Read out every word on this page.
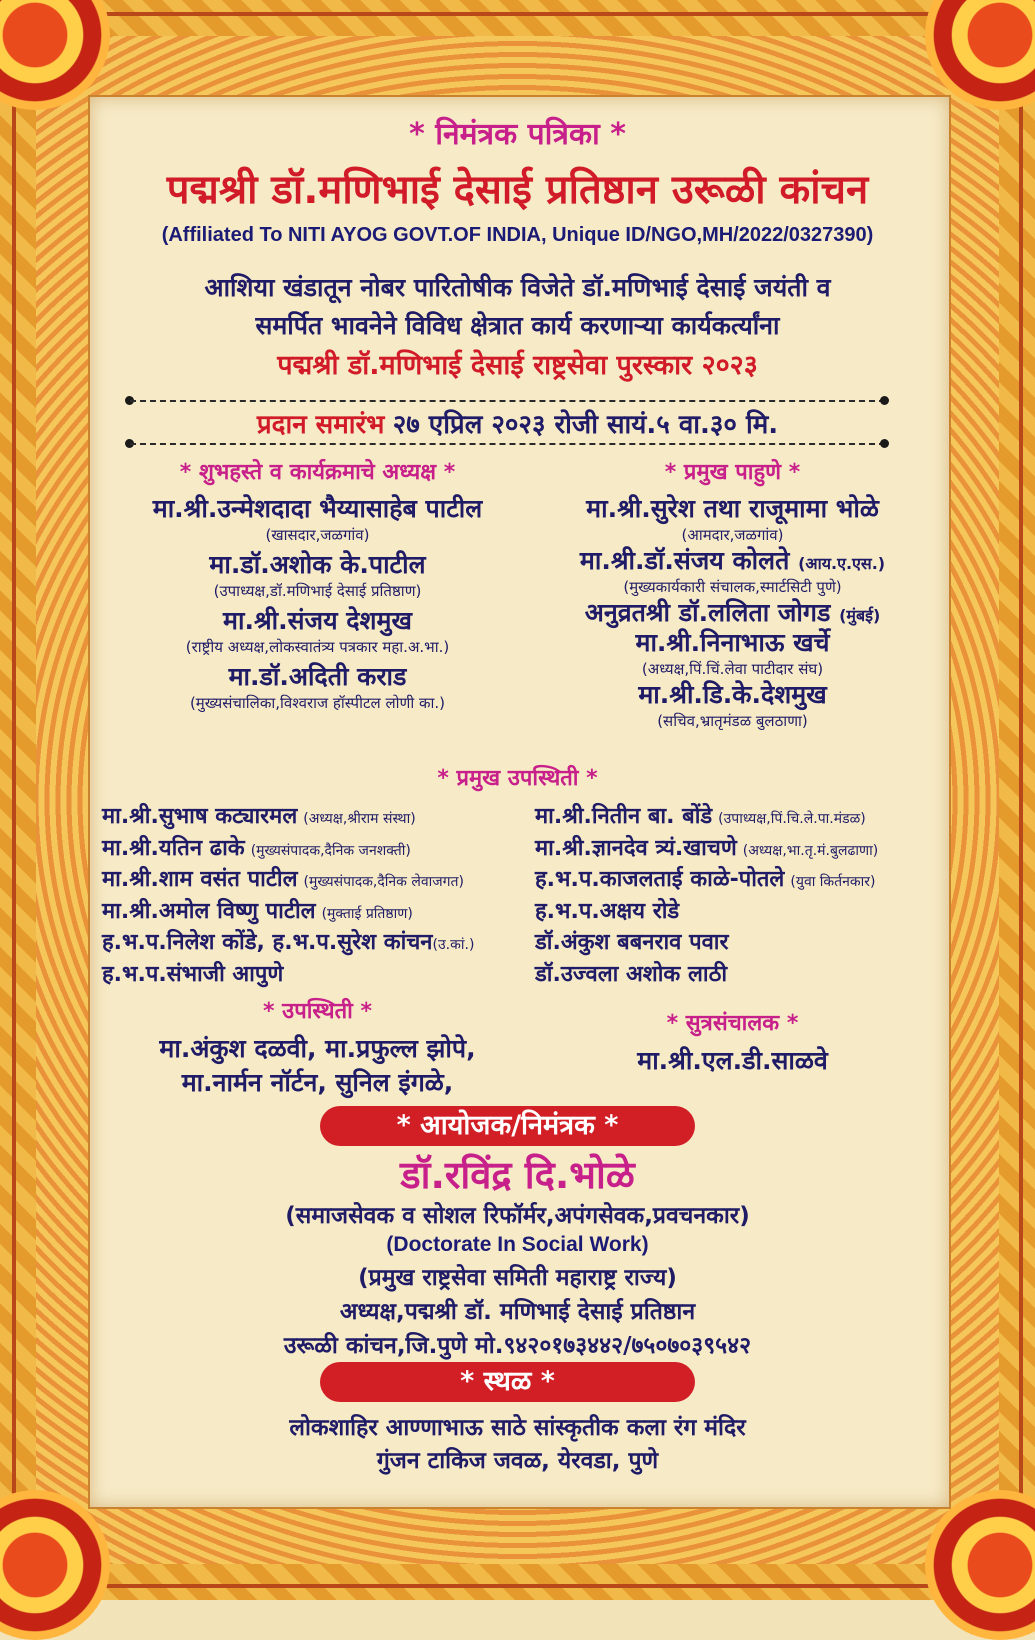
* निमंत्रक पत्रिका *
पद्मश्री डॉ.मणिभाई देसाई प्रतिष्ठान उरूळी कांचन
(Affiliated To NITI AYOG GOVT.OF INDIA, Unique ID/NGO,MH/2022/0327390)
आशिया खंडातून नोबर पारितोषीक विजेते डॉ.मणिभाई देसाई जयंती व
समर्पित भावनेने विविध क्षेत्रात कार्य करणाऱ्या कार्यकर्त्यांना
पद्मश्री डॉ.मणिभाई देसाई राष्ट्रसेवा पुरस्कार २०२३
प्रदान समारंभ २७ एप्रिल २०२३ रोजी सायं.५ वा.३० मि.
* शुभहस्ते व कार्यक्रमाचे अध्यक्ष *
मा.श्री.उन्मेशदादा भैय्यासाहेब पाटील
(खासदार,जळगांव)
मा.डॉ.अशोक के.पाटील
(उपाध्यक्ष,डॉ.मणिभाई देसाई प्रतिष्ठाण)
मा.श्री.संजय देशमुख
(राष्ट्रीय अध्यक्ष,लोकस्वातंत्र्य पत्रकार महा.अ.भा.)
मा.डॉ.अदिती कराड
(मुख्यसंचालिका,विश्वराज हॉस्पीटल लोणी का.)
* प्रमुख पाहुणे *
मा.श्री.सुरेश तथा राजूमामा भोळे
(आमदार,जळगांव)
मा.श्री.डॉ.संजय कोलते (आय.ए.एस.)
(मुख्यकार्यकारी संचालक,स्मार्टसिटी पुणे)
अनुव्रतश्री डॉ.ललिता जोगड (मुंबई)
मा.श्री.निनाभाऊ खर्चे
(अध्यक्ष,पिं.चिं.लेवा पाटीदार संघ)
मा.श्री.डि.के.देशमुख
(सचिव,भ्रातृमंडळ बुलठाणा)
* प्रमुख उपस्थिती *
मा.श्री.सुभाष कट्यारमल (अध्यक्ष,श्रीराम संस्था)
मा.श्री.यतिन ढाके (मुख्यसंपादक,दैनिक जनशक्ती)
मा.श्री.शाम वसंत पाटील (मुख्यसंपादक,दैनिक लेवाजगत)
मा.श्री.अमोल विष्णु पाटील (मुक्ताई प्रतिष्ठाण)
ह.भ.प.निलेश कोंडे, ह.भ.प.सुरेश कांचन(उ.कां.)
ह.भ.प.संभाजी आपुणे
मा.श्री.नितीन बा. बोंडे (उपाध्यक्ष,पिं.चि.ले.पा.मंडळ)
मा.श्री.ज्ञानदेव त्र्यं.खाचणे (अध्यक्ष,भा.तृ.मं.बुलढाणा)
ह.भ.प.काजलताई काळे-पोतले (युवा किर्तनकार)
ह.भ.प.अक्षय रोडे
डॉ.अंकुश बबनराव पवार
डॉ.उज्वला अशोक लाठी
* उपस्थिती *
मा.अंकुश दळवी, मा.प्रफुल्ल झोपे,
मा.नार्मन नॉर्टन, सुनिल इंगळे,
* सुत्रसंचालक *
मा.श्री.एल.डी.साळवे
* आयोजक/निमंत्रक *
डॉ.रविंद्र दि.भोळे
(समाजसेवक व सोशल रिफॉर्मर,अपंगसेवक,प्रवचनकार)
(Doctorate In Social Work)
(प्रमुख राष्ट्रसेवा समिती महाराष्ट्र राज्य)
अध्यक्ष,पद्मश्री डॉ. मणिभाई देसाई प्रतिष्ठान
उरूळी कांचन,जि.पुणे मो.९४२०१७३४४२/७५०७०३९५४२
* स्थळ *
लोकशाहिर आण्णाभाऊ साठे सांस्कृतीक कला रंग मंदिर
गुंजन टाकिज जवळ, येरवडा, पुणे
